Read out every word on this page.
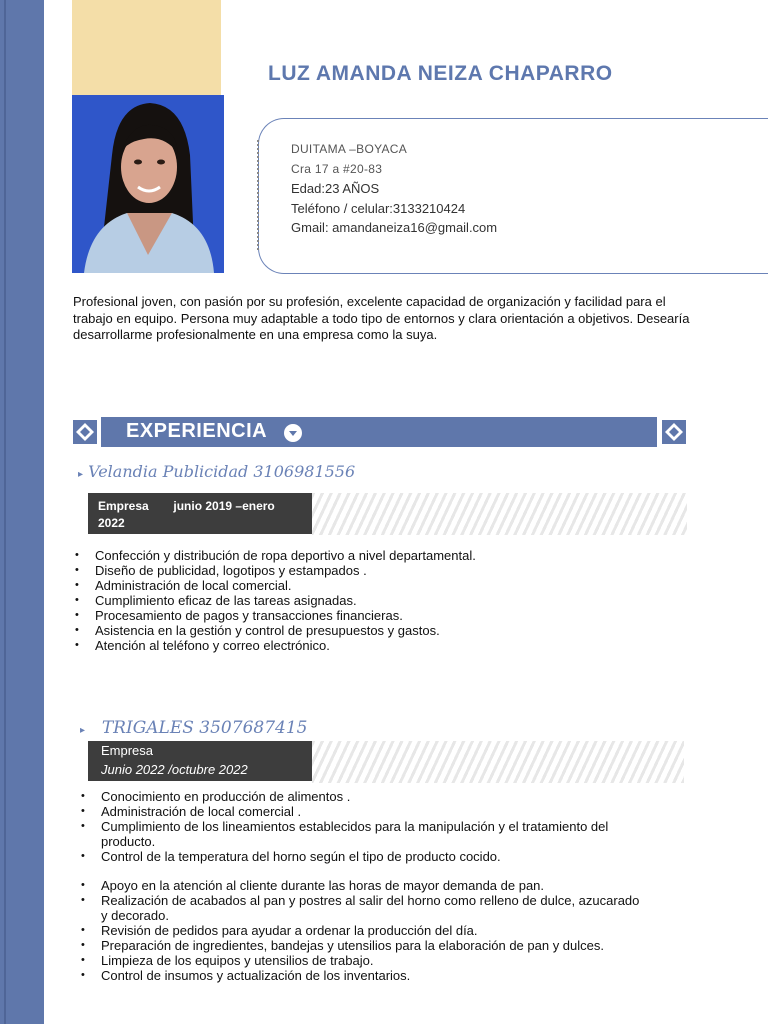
LUZ AMANDA NEIZA CHAPARRO
DUITAMA –BOYACA
Cra 17 a #20-83
Edad:23 AÑOS
Teléfono / celular:3133210424
Gmail: amandaneiza16@gmail.com
Profesional joven, con pasión por su profesión, excelente capacidad de organización y facilidad para el trabajo en equipo. Persona muy adaptable a todo tipo de entornos y clara orientación a objetivos. Desearía desarrollarme profesionalmente en una empresa como la suya.
EXPERIENCIA
▸ Velandia Publicidad 3106981556
Empresa junio 2019 –enero 2022
• Confección y distribución de ropa deportivo a nivel departamental.
• Diseño de publicidad, logotipos y estampados .
• Administración de local comercial.
• Cumplimiento eficaz de las tareas asignadas.
• Procesamiento de pagos y transacciones financieras.
• Asistencia en la gestión y control de presupuestos y gastos.
• Atención al teléfono y correo electrónico.
▸ TRIGALES 3507687415
Empresa
Junio 2022 /octubre 2022
• Conocimiento en producción de alimentos .
• Administración de local comercial .
• Cumplimiento de los lineamientos establecidos para la manipulación y el tratamiento del producto.
• Control de la temperatura del horno según el tipo de producto cocido.
• Apoyo en la atención al cliente durante las horas de mayor demanda de pan.
• Realización de acabados al pan y postres al salir del horno como relleno de dulce, azucarado y decorado.
• Revisión de pedidos para ayudar a ordenar la producción del día.
• Preparación de ingredientes, bandejas y utensilios para la elaboración de pan y dulces.
• Limpieza de los equipos y utensilios de trabajo.
• Control de insumos y actualización de los inventarios.
